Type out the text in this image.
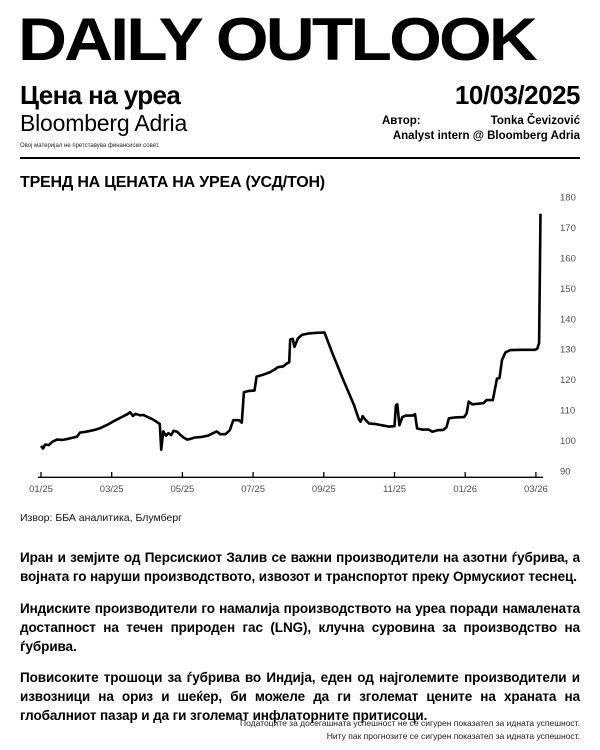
DAILY OUTLOOK
Цена на уреа	10/03/2025
Bloomberg Adria
Овој материјал не претставува финансиски совет.
Автор:	Tonka Čevizović
Analyst intern @ Bloomberg Adria
ТРЕНД НА ЦЕНАТА НА УРЕА (УСД/ТОН)
90
100
110
120
130
140
150
160
170
180
01/25	03/25	05/25	07/25	09/25	11/25	01/26	03/26
Извор: ББА аналитика, Блумберг

Иран и земјите од Персискиот Залив се важни производители на азотни ѓубрива, а војната го наруши производството, извозот и транспортот преку Ормускиот теснец.

Индиските производители го намалија производството на уреа поради намалената достапност на течен природен гас (LNG), клучна суровина за производство на ѓубрива.

Повисоките трошоци за ѓубрива во Индија, еден од најголемите производители и извозници на ориз и шеќер, би можеле да ги зголемат цените на храната на глобалниот пазар и да ги зголемат инфлаторните притисоци.

Податоците за досегашната успешност не се сигурен показател за идната успешност.
Ниту пак прогнозите се сигурен показател за идната успешност.
